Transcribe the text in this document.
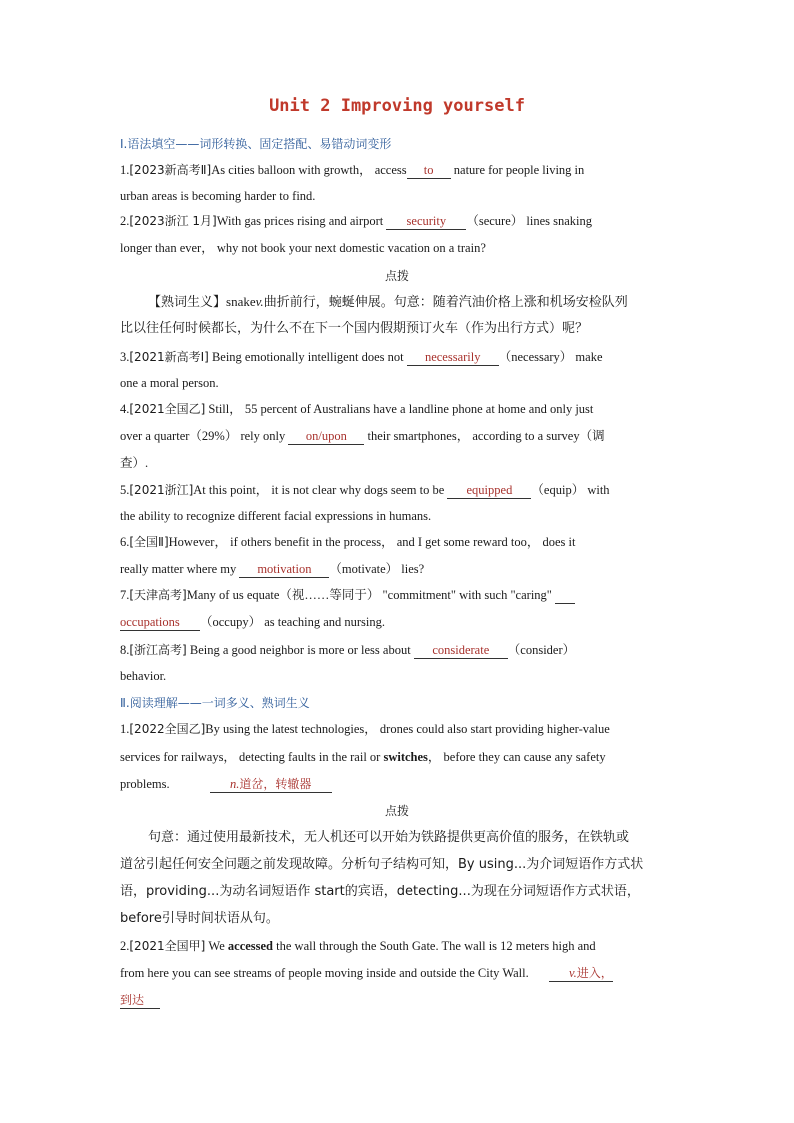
Unit 2 Improving yourself
Ⅰ.语法填空——词形转换、固定搭配、易错动词变形
1.[2023新高考Ⅱ]As cities balloon with growth， access to nature for people living in
urban areas is becoming harder to find.
2.[2023浙江 1月]With gas prices rising and airport security （secure） lines snaking
longer than ever， why not book your next domestic vacation on a train?
点拨
【熟词生义】snakev.曲折前行，蜿蜒伸展。句意：随着汽油价格上涨和机场安检队列
比以往任何时候都长，为什么不在下一个国内假期预订火车（作为出行方式）呢？
3.[2021新高考Ⅰ] Being emotionally intelligent does not necessarily （necessary） make
one a moral person.
4.[2021全国乙] Still， 55 percent of Australians have a landline phone at home and only just
over a quarter（29%） rely only on/upon their smartphones， according to a survey（调
查）.
5.[2021浙江]At this point， it is not clear why dogs seem to be equipped （equip） with
the ability to recognize different facial expressions in humans.
6.[全国Ⅱ]However， if others benefit in the process， and I get some reward too， does it
really matter where my motivation （motivate） lies?
7.[天津高考]Many of us equate（视……等同于） "commitment" with such "caring"
occupations （occupy） as teaching and nursing.
8.[浙江高考] Being a good neighbor is more or less about considerate （consider）
behavior.
Ⅱ.阅读理解——一词多义、熟词生义
1.[2022全国乙]By using the latest technologies， drones could also start providing higher-value
services for railways， detecting faults in the rail or switches， before they can cause any safety
problems.	n.道岔，转辙器
点拨
句意：通过使用最新技术，无人机还可以开始为铁路提供更高价值的服务，在铁轨或
道岔引起任何安全问题之前发现故障。分析句子结构可知，By using...为介词短语作方式状
语，providing...为动名词短语作 start的宾语，detecting...为现在分词短语作方式状语，
before引导时间状语从句。
2.[2021全国甲] We accessed the wall through the South Gate. The wall is 12 meters high and
from here you can see streams of people moving inside and outside the City Wall.	v.进入，
到达
